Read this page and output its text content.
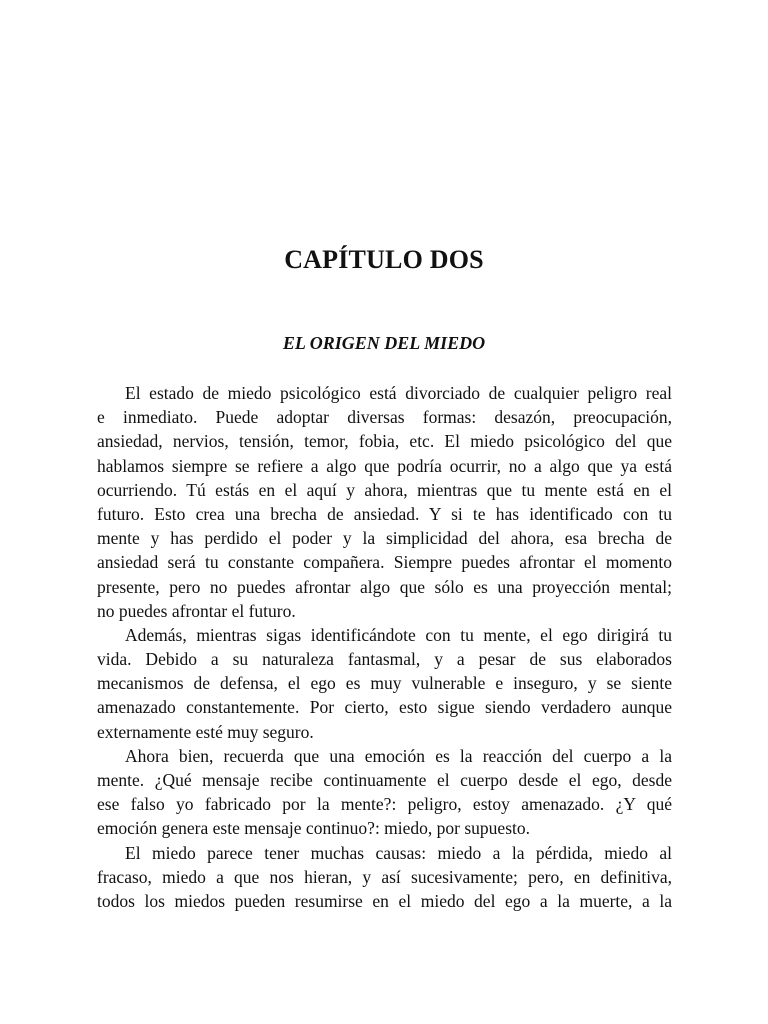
CAPÍTULO DOS
EL ORIGEN DEL MIEDO

El estado de miedo psicológico está divorciado de cualquier peligro real
e inmediato. Puede adoptar diversas formas: desazón, preocupación,
ansiedad, nervios, tensión, temor, fobia, etc. El miedo psicológico del que
hablamos siempre se refiere a algo que podría ocurrir, no a algo que ya está
ocurriendo. Tú estás en el aquí y ahora, mientras que tu mente está en el
futuro. Esto crea una brecha de ansiedad. Y si te has identificado con tu
mente y has perdido el poder y la simplicidad del ahora, esa brecha de
ansiedad será tu constante compañera. Siempre puedes afrontar el momento
presente, pero no puedes afrontar algo que sólo es una proyección mental;
no puedes afrontar el futuro.

Además, mientras sigas identificándote con tu mente, el ego dirigirá tu
vida. Debido a su naturaleza fantasmal, y a pesar de sus elaborados
mecanismos de defensa, el ego es muy vulnerable e inseguro, y se siente
amenazado constantemente. Por cierto, esto sigue siendo verdadero aunque
externamente esté muy seguro.

Ahora bien, recuerda que una emoción es la reacción del cuerpo a la
mente. ¿Qué mensaje recibe continuamente el cuerpo desde el ego, desde
ese falso yo fabricado por la mente?: peligro, estoy amenazado. ¿Y qué
emoción genera este mensaje continuo?: miedo, por supuesto.

El miedo parece tener muchas causas: miedo a la pérdida, miedo al
fracaso, miedo a que nos hieran, y así sucesivamente; pero, en definitiva,
todos los miedos pueden resumirse en el miedo del ego a la muerte, a la
